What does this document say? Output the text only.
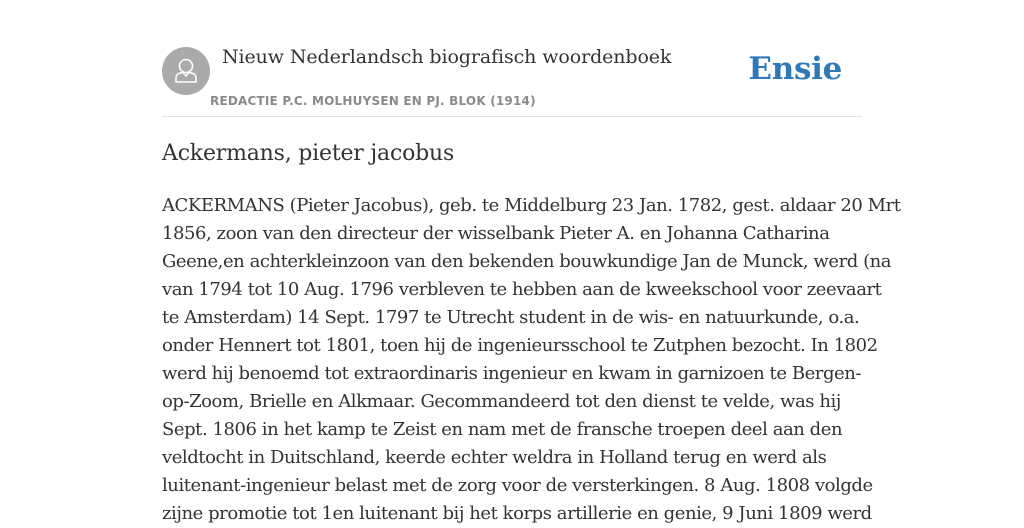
Nieuw Nederlandsch biografisch woordenboek
REDACTIE P.C. MOLHUYSEN EN PJ. BLOK (1914)
Ensie
Ackermans, pieter jacobus
ACKERMANS (Pieter Jacobus), geb. te Middelburg 23 Jan. 1782, gest. aldaar 20 Mrt
1856, zoon van den directeur der wisselbank Pieter A. en Johanna Catharina
Geene,en achterkleinzoon van den bekenden bouwkundige Jan de Munck, werd (na
van 1794 tot 10 Aug. 1796 verbleven te hebben aan de kweekschool voor zeevaart
te Amsterdam) 14 Sept. 1797 te Utrecht student in de wis- en natuurkunde, o.a.
onder Hennert tot 1801, toen hij de ingenieursschool te Zutphen bezocht. In 1802
werd hij benoemd tot extraordinaris ingenieur en kwam in garnizoen te Bergen-
op-Zoom, Brielle en Alkmaar. Gecommandeerd tot den dienst te velde, was hij
Sept. 1806 in het kamp te Zeist en nam met de fransche troepen deel aan den
veldtocht in Duitschland, keerde echter weldra in Holland terug en werd als
luitenant-ingenieur belast met de zorg voor de versterkingen. 8 Aug. 1808 volgde
zijne promotie tot 1en luitenant bij het korps artillerie en genie, 9 Juni 1809 werd
